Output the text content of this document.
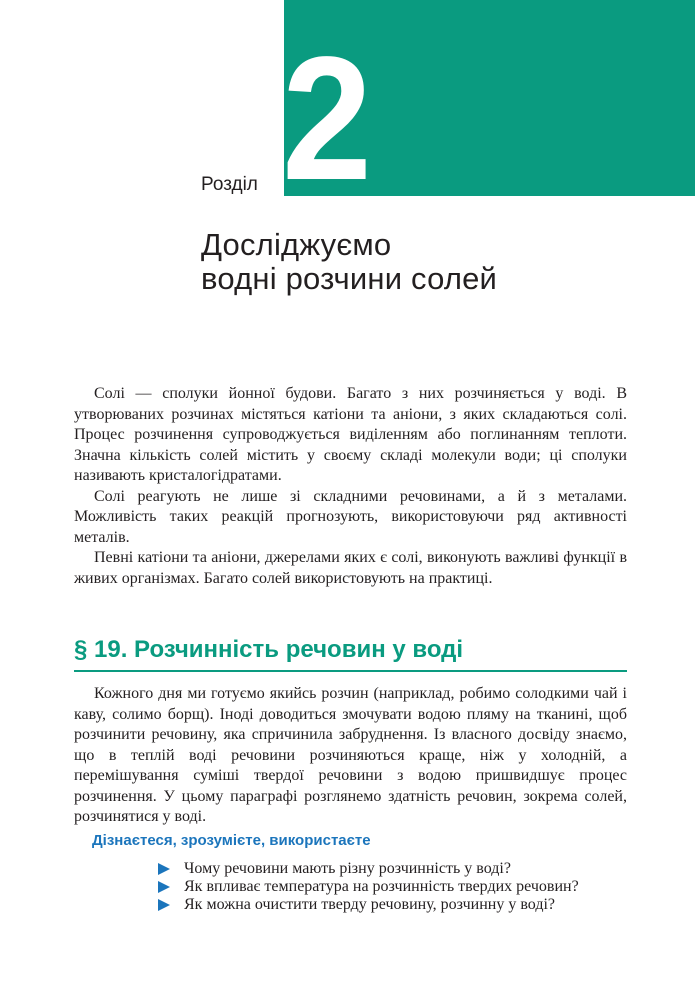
2
Розділ
Досліджуємо
водні розчини солей

Солі — сполуки йонної будови. Багато з них розчиняється у воді. В утворюваних розчинах містяться катіони та аніони, з яких складаються солі. Процес розчинення супроводжується виділенням або поглинанням теплоти. Значна кількість солей містить у своєму складі молекули води; ці сполуки називають кристалогідратами.

Солі реагують не лише зі складними речовинами, а й з металами. Можливість таких реакцій прогнозують, використовуючи ряд активності металів.

Певні катіони та аніони, джерелами яких є солі, виконують важливі функції в живих організмах. Багато солей використовують на практиці.

§ 19. Розчинність речовин у воді

Кожного дня ми готуємо якийсь розчин (наприклад, робимо солодкими чай і каву, солимо борщ). Іноді доводиться змочувати водою пляму на тканині, щоб розчинити речовину, яка спричинила забруднення. Із власного досвіду знаємо, що в теплій воді речовини розчиняються краще, ніж у холодній, а перемішування суміші твердої речовини з водою пришвидшує процес розчинення. У цьому параграфі розглянемо здатність речовин, зокрема солей, розчинятися у воді.

Дізнаєтеся, зрозумієте, використаєте
Чому речовини мають різну розчинність у воді?
Як впливає температура на розчинність твердих речовин?
Як можна очистити тверду речовину, розчинну у воді?
